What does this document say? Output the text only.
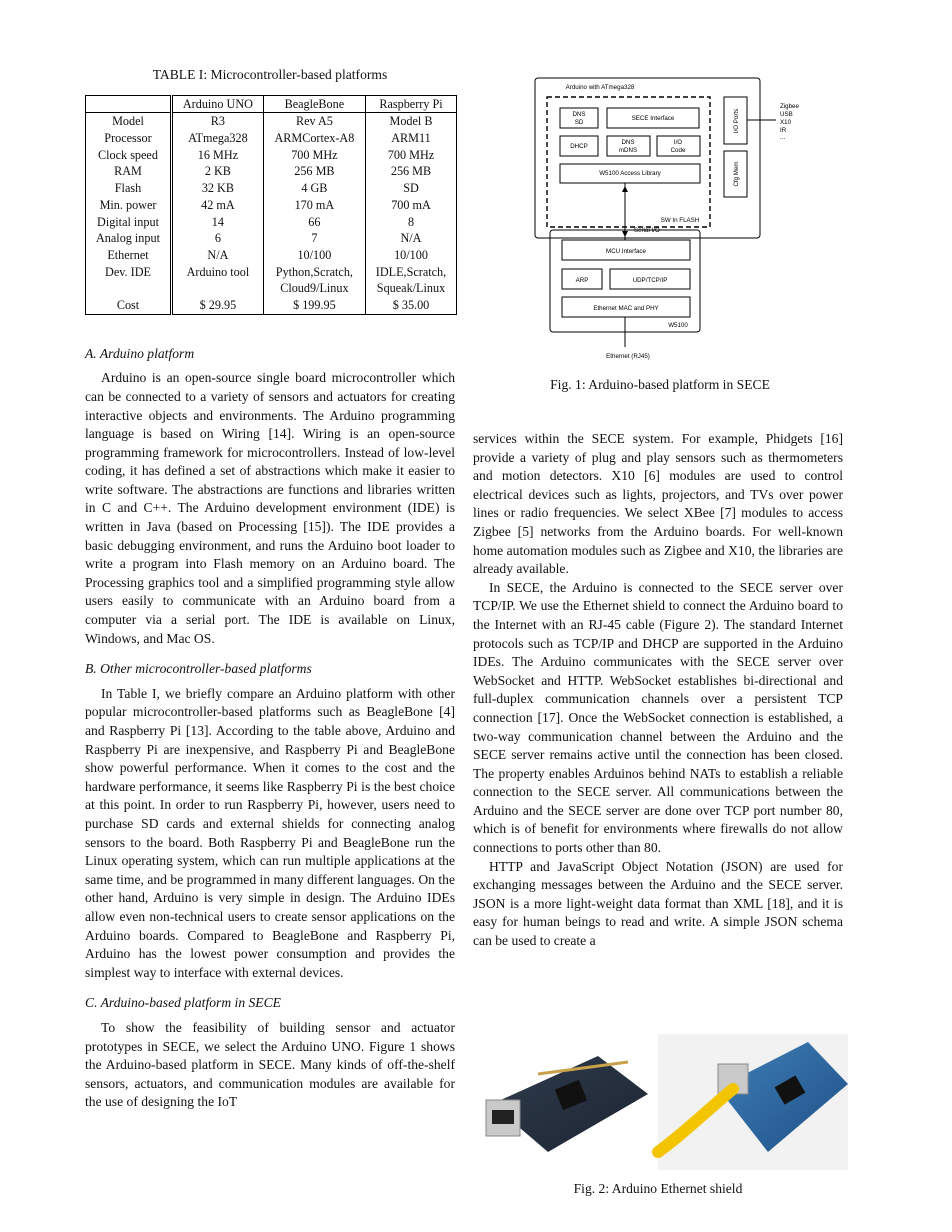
TABLE I: Microcontroller-based platforms
	Arduino UNO	BeagleBone	Raspberry Pi
Model	R3	Rev A5	Model B
Processor	ATmega328	ARMCortex-A8	ARM11
Clock speed	16 MHz	700 MHz	700 MHz
RAM	2 KB	256 MB	256 MB
Flash	32 KB	4 GB	SD
Min. power	42 mA	170 mA	700 mA
Digital input	14	66	8
Analog input	6	7	N/A
Ethernet	N/A	10/100	10/100
Dev. IDE	Arduino tool	Python,Scratch,	IDLE,Scratch,
		Cloud9/Linux	Squeak/Linux
Cost	$ 29.95	$ 199.95	$ 35.00
A. Arduino platform

Arduino is an open-source single board microcontroller which can be connected to a variety of sensors and actuators for creating interactive objects and environments. The Arduino programming language is based on Wiring [14]. Wiring is an open-source programming framework for microcontrollers. Instead of low-level coding, it has defined a set of abstractions which make it easier to write software. The abstractions are functions and libraries written in C and C++. The Arduino development environment (IDE) is written in Java (based on Processing [15]). The IDE provides a basic debugging environment, and runs the Arduino boot loader to write a program into Flash memory on an Arduino board. The Processing graphics tool and a simplified programming style allow users easily to communicate with an Arduino board from a computer via a serial port. The IDE is available on Linux, Windows, and Mac OS.

B. Other microcontroller-based platforms

In Table I, we briefly compare an Arduino platform with other popular microcontroller-based platforms such as BeagleBone [4] and Raspberry Pi [13]. According to the table above, Arduino and Raspberry Pi are inexpensive, and Raspberry Pi and BeagleBone show powerful performance. When it comes to the cost and the hardware performance, it seems like Raspberry Pi is the best choice at this point. In order to run Raspberry Pi, however, users need to purchase SD cards and external shields for connecting analog sensors to the board. Both Raspberry Pi and BeagleBone run the Linux operating system, which can run multiple applications at the same time, and be programmed in many different languages. On the other hand, Arduino is very simple in design. The Arduino IDEs allow even non-technical users to create sensor applications on the Arduino boards. Compared to BeagleBone and Raspberry Pi, Arduino has the lowest power consumption and provides the simplest way to interface with external devices.

C. Arduino-based platform in SECE

To show the feasibility of building sensor and actuator prototypes in SECE, we select the Arduino UNO. Figure 1 shows the Arduino-based platform in SECE. Many kinds of off-the-shelf sensors, actuators, and communication modules are available for the use of designing the IoT

Arduino with ATmega328
DNS
SD
SECE Interface
DHCP
DNS
mDNS
I/O
Code
W5100 Access Library
SW In FLASH
Serial I/O
MCU Interface
ARP	UDP/TCP/IP
Ethernet MAC and PHY
W5100
Ethernet (RJ45)
I/O Ports
Cfg Mem
Zigbee
USB
X10
IR
...
Fig. 1: Arduino-based platform in SECE

services within the SECE system. For example, Phidgets [16] provide a variety of plug and play sensors such as thermometers and motion detectors. X10 [6] modules are used to control electrical devices such as lights, projectors, and TVs over power lines or radio frequencies. We select XBee [7] modules to access Zigbee [5] networks from the Arduino boards. For well-known home automation modules such as Zigbee and X10, the libraries are already available.

In SECE, the Arduino is connected to the SECE server over TCP/IP. We use the Ethernet shield to connect the Arduino board to the Internet with an RJ-45 cable (Figure 2). The standard Internet protocols such as TCP/IP and DHCP are supported in the Arduino IDEs. The Arduino communicates with the SECE server over WebSocket and HTTP. WebSocket establishes bi-directional and full-duplex communication channels over a persistent TCP connection [17]. Once the WebSocket connection is established, a two-way communication channel between the Arduino and the SECE server remains active until the connection has been closed. The property enables Arduinos behind NATs to establish a reliable connection to the SECE server. All communications between the Arduino and the SECE server are done over TCP port number 80, which is of benefit for environments where firewalls do not allow connections to ports other than 80.

HTTP and JavaScript Object Notation (JSON) are used for exchanging messages between the Arduino and the SECE server. JSON is a more light-weight data format than XML [18], and it is easy for human beings to read and write. A simple JSON schema can be used to create a

Fig. 2: Arduino Ethernet shield
